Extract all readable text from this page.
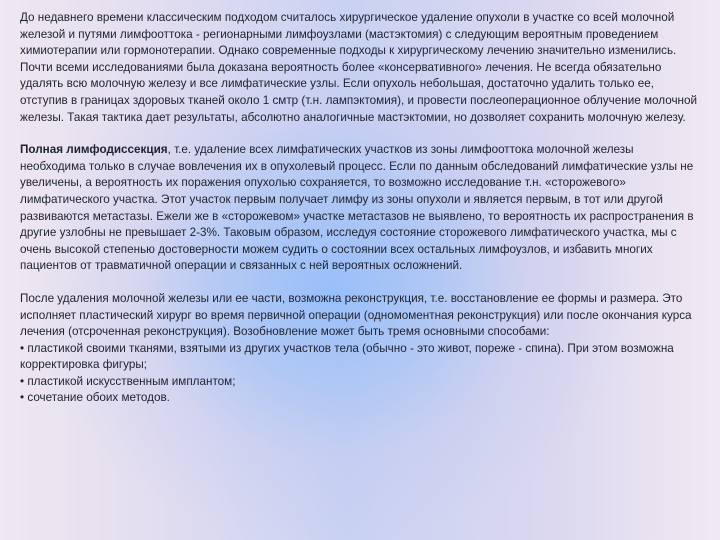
До недавнего времени классическим подходом считалось хирургическое удаление опухоли в участке со всей молочной железой и путями лимфооттока - регионарными лимфоузлами (мастэктомия) с следующим вероятным проведением химиотерапии или гормонотерапии. Однако современные подходы к хирургическому лечению значительно изменились. Почти всеми исследованиями была доказана вероятность более «консервативного» лечения. Не всегда обязательно удалять всю молочную железу и все лимфатические узлы. Если опухоль небольшая, достаточно удалить только ее, отступив в границах здоровых тканей около 1 смтр (т.н. лампэктомия), и провести послеоперационное облучение молочной железы. Такая тактика дает результаты, абсолютно аналогичные мастэктомии, но дозволяет сохранить молочную железу.

Полная лимфодиссекция, т.е. удаление всех лимфатических участков из зоны лимфооттока молочной железы необходима только в случае вовлечения их в опухолевый процесс. Если по данным обследований лимфатические узлы не увеличены, а вероятность их поражения опухолью сохраняется, то возможно исследование т.н. «сторожевого» лимфатического участка. Этот участок первым получает лимфу из зоны опухоли и является первым, в тот или другой развиваются метастазы. Ежели же в «сторожевом» участке метастазов не выявлено, то вероятность их распространения в другие узлобны не превышает 2-3%. Таковым образом, исследуя состояние сторожевого лимфатического участка, мы с очень высокой степенью достоверности можем судить о состоянии всех остальных лимфоузлов, и избавить многих пациентов от травматичной операции и связанных с ней вероятных осложнений.

После удаления молочной железы или ее части, возможна реконструкция, т.е. восстановление ее формы и размера. Это исполняет пластический хирург во время первичной операции (одномоментная реконструкция) или после окончания курса лечения (отсроченная реконструкция). Возобновление может быть тремя основными способами:
• пластикой своими тканями, взятыми из других участков тела (обычно - это живот, пореже - спина). При этом возможна корректировка фигуры;
• пластикой искусственным имплантом;
• сочетание обоих методов.
